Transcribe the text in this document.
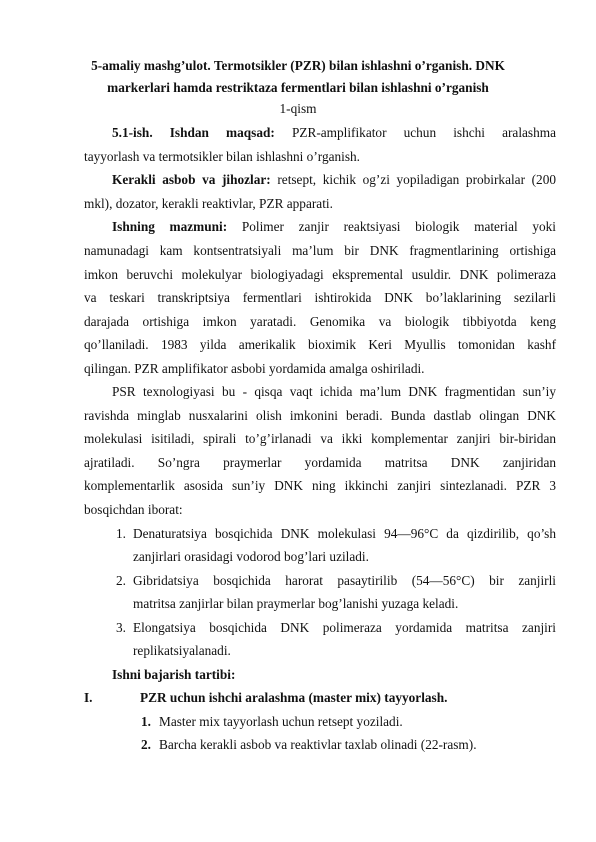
5-amaliy mashg’ulot. Termotsikler (PZR) bilan ishlashni o’rganish. DNK
markerlari hamda restriktaza fermentlari bilan ishlashni o’rganish
1-qism
5.1-ish. Ishdan maqsad: PZR-amplifikator uchun ishchi aralashma
tayyorlash va termotsikler bilan ishlashni o’rganish.
Kerakli asbob va jihozlar: retsept, kichik og’zi yopiladigan probirkalar (200
mkl), dozator, kerakli reaktivlar, PZR apparati.
Ishning mazmuni: Polimer zanjir reaktsiyasi biologik material yoki
namunadagi kam kontsentratsiyali ma’lum bir DNK fragmentlarining ortishiga
imkon beruvchi molekulyar biologiyadagi ekspremental usuldir. DNK polimeraza
va teskari transkriptsiya fermentlari ishtirokida DNK bo’laklarining sezilarli
darajada ortishiga imkon yaratadi. Genomika va biologik tibbiyotda keng
qo’llaniladi. 1983 yilda amerikalik bioximik Keri Myullis tomonidan kashf
qilingan. PZR amplifikator asbobi yordamida amalga oshiriladi.
PSR texnologiyasi bu - qisqa vaqt ichida ma’lum DNK fragmentidan sun’iy
ravishda minglab nusxalarini olish imkonini beradi. Bunda dastlab olingan DNK
molekulasi isitiladi, spirali to’g’irlanadi va ikki komplementar zanjiri bir-biridan
ajratiladi. So’ngra praymerlar yordamida matritsa DNK zanjiridan
komplementarlik asosida sun’iy DNK ning ikkinchi zanjiri sintezlanadi. PZR 3
bosqichdan iborat:
1. Denaturatsiya bosqichida DNK molekulasi 94—96°C da qizdirilib, qo’sh
zanjirlari orasidagi vodorod bog’lari uziladi.
2. Gibridatsiya bosqichida harorat pasaytirilib (54—56°C) bir zanjirli
matritsa zanjirlar bilan praymerlar bog’lanishi yuzaga keladi.
3. Elongatsiya bosqichida DNK polimeraza yordamida matritsa zanjiri
replikatsiyalanadi.
Ishni bajarish tartibi:
I.	PZR uchun ishchi aralashma (master mix) tayyorlash.
1. Master mix tayyorlash uchun retsept yoziladi.
2. Barcha kerakli asbob va reaktivlar taxlab olinadi (22-rasm).
